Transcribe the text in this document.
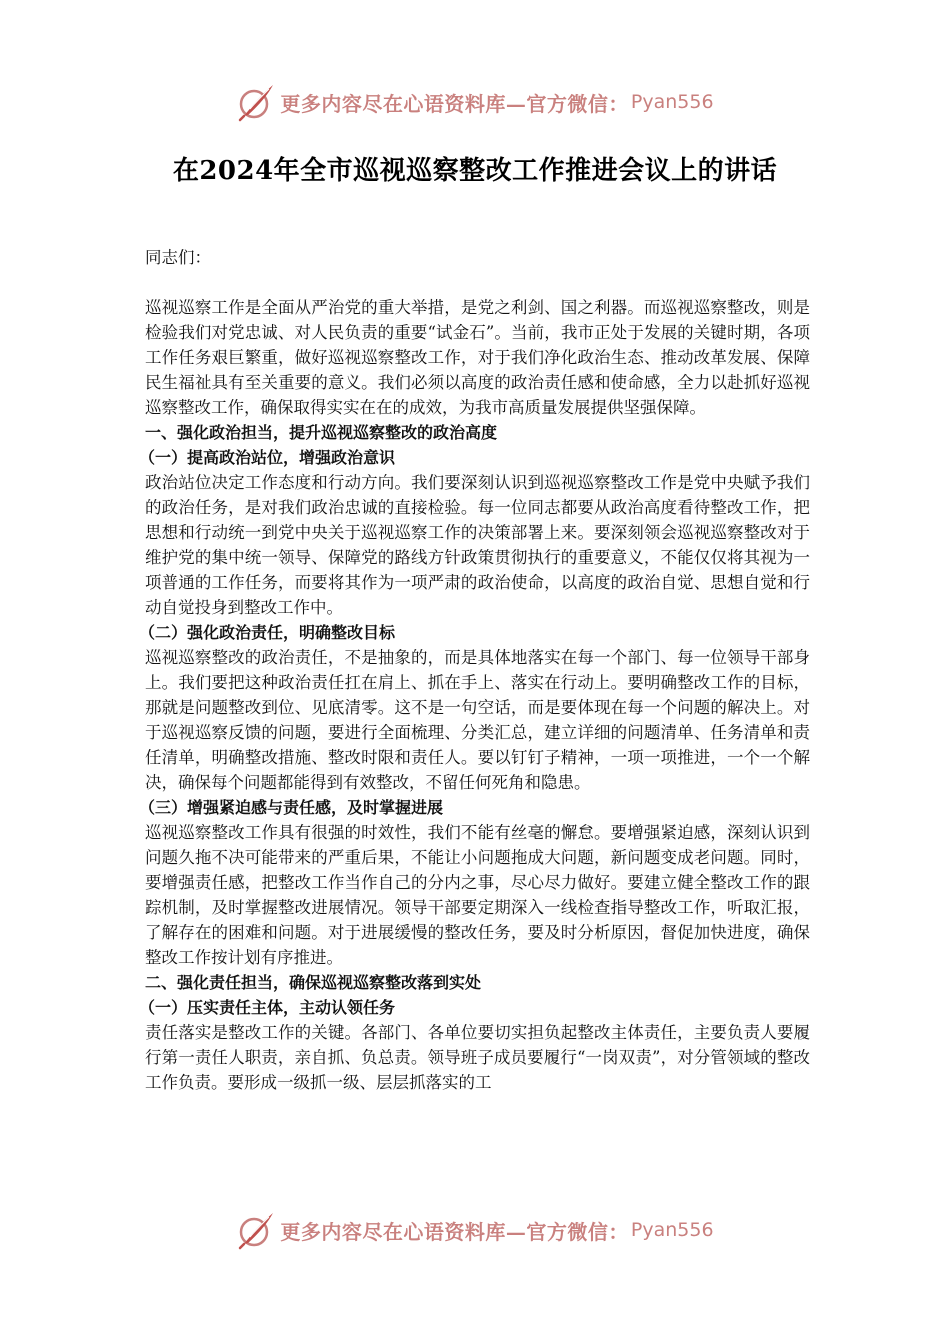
更多内容尽在心语资料库—官方微信： Pyan556
在2024年全市巡视巡察整改工作推进会议上的讲话

同志们：

巡视巡察工作是全面从严治党的重大举措，是党之利剑、国之利器。而巡视巡察整改，则是检验我们对党忠诚、对人民负责的重要“试金石”。当前，我市正处于发展的关键时期，各项工作任务艰巨繁重，做好巡视巡察整改工作，对于我们净化政治生态、推动改革发展、保障民生福祉具有至关重要的意义。我们必须以高度的政治责任感和使命感，全力以赴抓好巡视巡察整改工作，确保取得实实在在的成效，为我市高质量发展提供坚强保障。

一、强化政治担当，提升巡视巡察整改的政治高度

（一）提高政治站位，增强政治意识

政治站位决定工作态度和行动方向。我们要深刻认识到巡视巡察整改工作是党中央赋予我们的政治任务，是对我们政治忠诚的直接检验。每一位同志都要从政治高度看待整改工作，把思想和行动统一到党中央关于巡视巡察工作的决策部署上来。要深刻领会巡视巡察整改对于维护党的集中统一领导、保障党的路线方针政策贯彻执行的重要意义，不能仅仅将其视为一项普通的工作任务，而要将其作为一项严肃的政治使命，以高度的政治自觉、思想自觉和行动自觉投身到整改工作中。

（二）强化政治责任，明确整改目标

巡视巡察整改的政治责任，不是抽象的，而是具体地落实在每一个部门、每一位领导干部身上。我们要把这种政治责任扛在肩上、抓在手上、落实在行动上。要明确整改工作的目标，那就是问题整改到位、见底清零。这不是一句空话，而是要体现在每一个问题的解决上。对于巡视巡察反馈的问题，要进行全面梳理、分类汇总，建立详细的问题清单、任务清单和责任清单，明确整改措施、整改时限和责任人。要以钉钉子精神，一项一项推进，一个一个解决，确保每个问题都能得到有效整改，不留任何死角和隐患。

（三）增强紧迫感与责任感，及时掌握进展

巡视巡察整改工作具有很强的时效性，我们不能有丝毫的懈怠。要增强紧迫感，深刻认识到问题久拖不决可能带来的严重后果，不能让小问题拖成大问题，新问题变成老问题。同时，要增强责任感，把整改工作当作自己的分内之事，尽心尽力做好。要建立健全整改工作的跟踪机制，及时掌握整改进展情况。领导干部要定期深入一线检查指导整改工作，听取汇报，了解存在的困难和问题。对于进展缓慢的整改任务，要及时分析原因，督促加快进度，确保整改工作按计划有序推进。

二、强化责任担当，确保巡视巡察整改落到实处

（一）压实责任主体，主动认领任务

责任落实是整改工作的关键。各部门、各单位要切实担负起整改主体责任，主要负责人要履行第一责任人职责，亲自抓、负总责。领导班子成员要履行“一岗双责”，对分管领域的整改工作负责。要形成一级抓一级、层层抓落实的工

更多内容尽在心语资料库—官方微信： Pyan556
